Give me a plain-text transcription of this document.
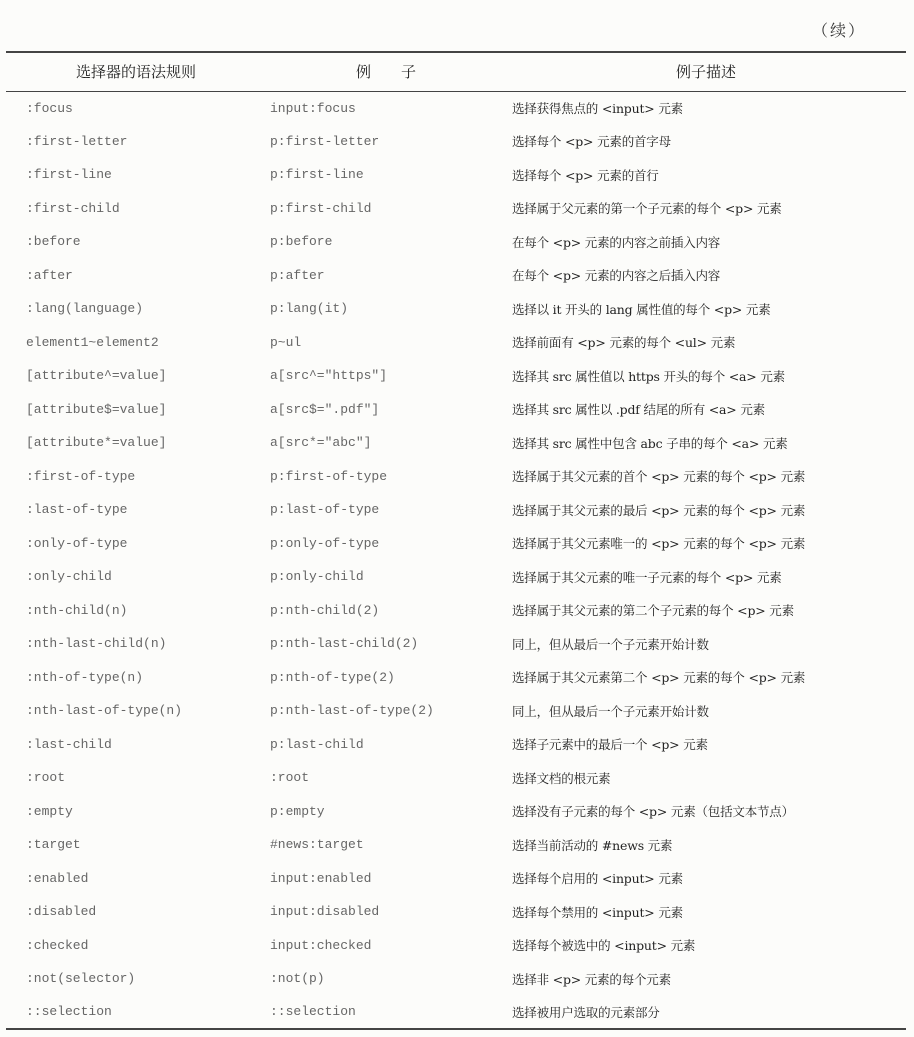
（续）
选择器的语法规则	例　　子	例子描述
:focus	input:focus	选择获得焦点的 <input> 元素
:first-letter	p:first-letter	选择每个 <p> 元素的首字母
:first-line	p:first-line	选择每个 <p> 元素的首行
:first-child	p:first-child	选择属于父元素的第一个子元素的每个 <p> 元素
:before	p:before	在每个 <p> 元素的内容之前插入内容
:after	p:after	在每个 <p> 元素的内容之后插入内容
:lang(language)	p:lang(it)	选择以 it 开头的 lang 属性值的每个 <p> 元素
element1~element2	p~ul	选择前面有 <p> 元素的每个 <ul> 元素
[attribute^=value]	a[src^="https"]	选择其 src 属性值以 https 开头的每个 <a> 元素
[attribute$=value]	a[src$=".pdf"]	选择其 src 属性以 .pdf 结尾的所有 <a> 元素
[attribute*=value]	a[src*="abc"]	选择其 src 属性中包含 abc 子串的每个 <a> 元素
:first-of-type	p:first-of-type	选择属于其父元素的首个 <p> 元素的每个 <p> 元素
:last-of-type	p:last-of-type	选择属于其父元素的最后 <p> 元素的每个 <p> 元素
:only-of-type	p:only-of-type	选择属于其父元素唯一的 <p> 元素的每个 <p> 元素
:only-child	p:only-child	选择属于其父元素的唯一子元素的每个 <p> 元素
:nth-child(n)	p:nth-child(2)	选择属于其父元素的第二个子元素的每个 <p> 元素
:nth-last-child(n)	p:nth-last-child(2)	同上，但从最后一个子元素开始计数
:nth-of-type(n)	p:nth-of-type(2)	选择属于其父元素第二个 <p> 元素的每个 <p> 元素
:nth-last-of-type(n)	p:nth-last-of-type(2)	同上，但从最后一个子元素开始计数
:last-child	p:last-child	选择子元素中的最后一个 <p> 元素
:root	:root	选择文档的根元素
:empty	p:empty	选择没有子元素的每个 <p> 元素（包括文本节点）
:target	#news:target	选择当前活动的 #news 元素
:enabled	input:enabled	选择每个启用的 <input> 元素
:disabled	input:disabled	选择每个禁用的 <input> 元素
:checked	input:checked	选择每个被选中的 <input> 元素
:not(selector)	:not(p)	选择非 <p> 元素的每个元素
::selection	::selection	选择被用户选取的元素部分
